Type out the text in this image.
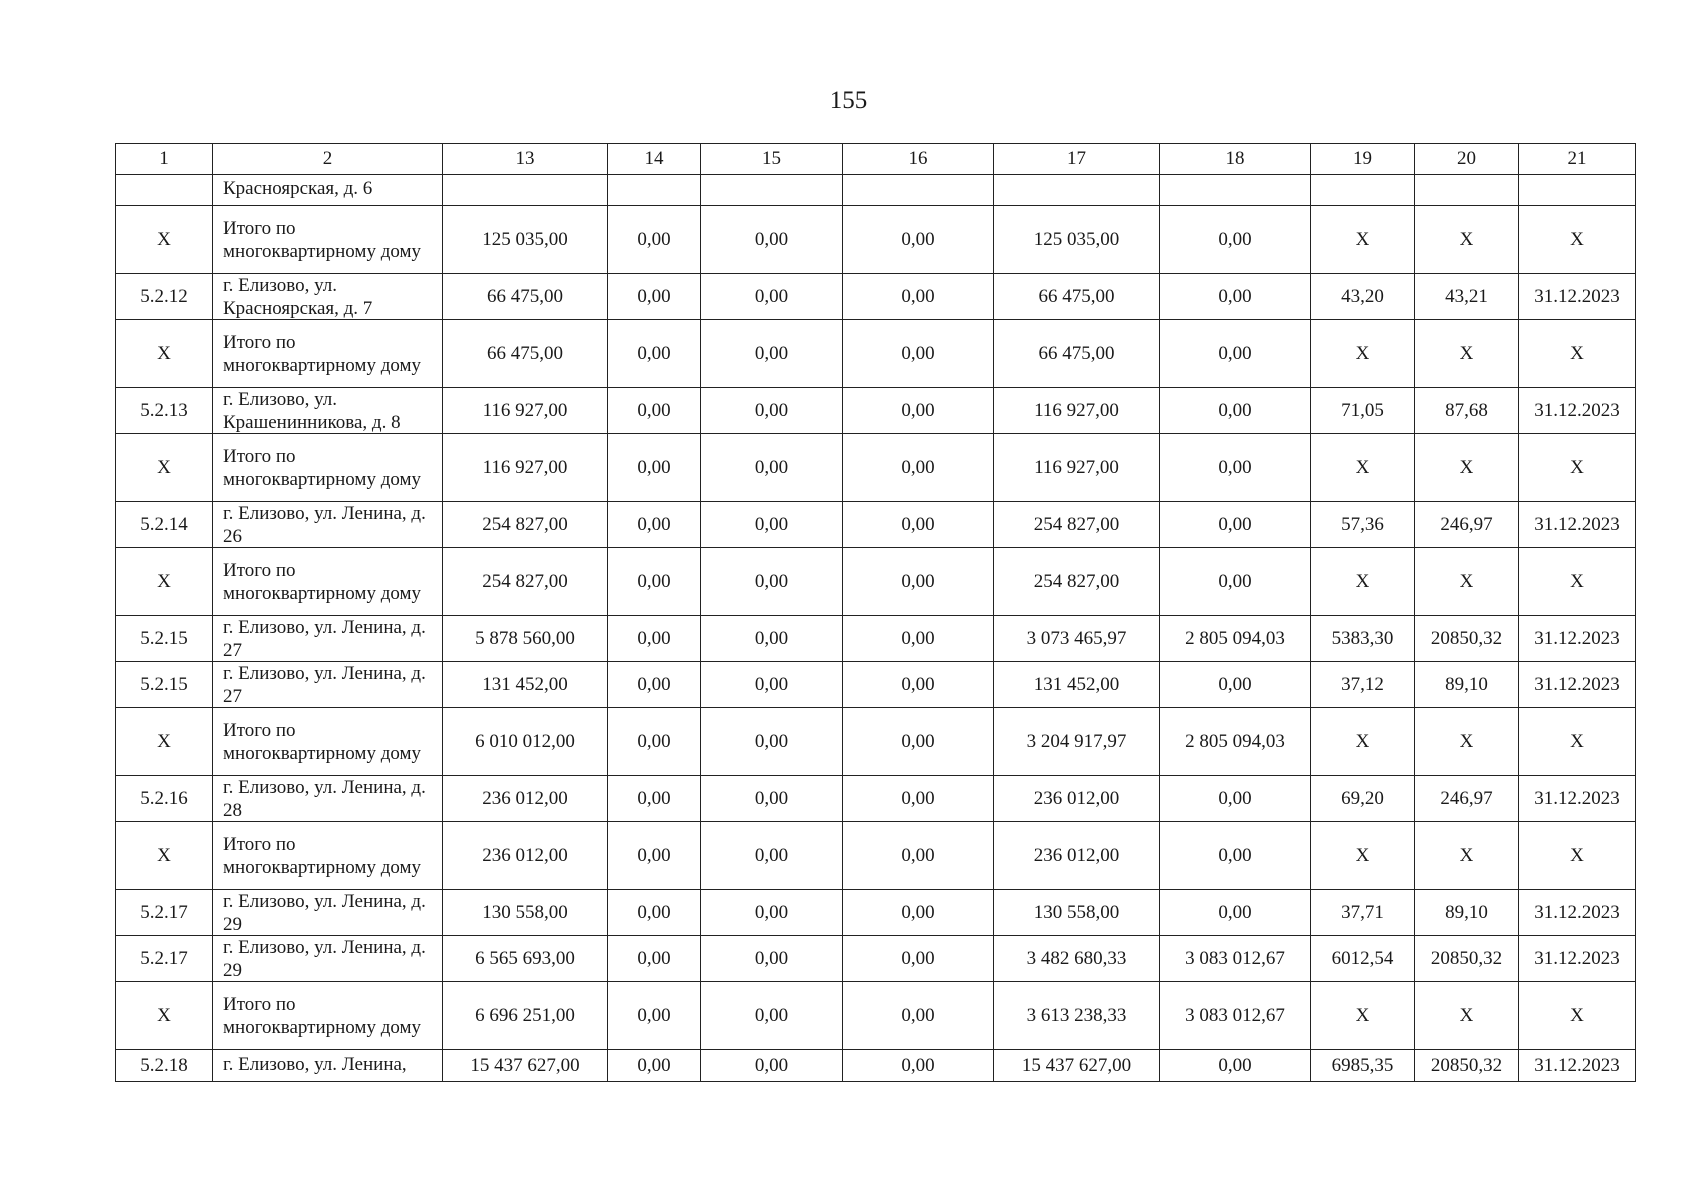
155
1	2	13	14	15	16	17	18	19	20	21

Красноярская, д. 6									

Х	Итого по многоквартирному дому	125 035,00	0,00	0,00	0,00	125 035,00	0,00	Х	Х	Х
5.2.12	г. Елизово, ул. Красноярская, д. 7	66 475,00	0,00	0,00	0,00	66 475,00	0,00	43,20	43,21	31.12.2023
Х	Итого по многоквартирному дому	66 475,00	0,00	0,00	0,00	66 475,00	0,00	Х	Х	Х
5.2.13	г. Елизово, ул. Крашенинникова, д. 8	116 927,00	0,00	0,00	0,00	116 927,00	0,00	71,05	87,68	31.12.2023
Х	Итого по многоквартирному дому	116 927,00	0,00	0,00	0,00	116 927,00	0,00	Х	Х	Х
5.2.14	г. Елизово, ул. Ленина, д. 26	254 827,00	0,00	0,00	0,00	254 827,00	0,00	57,36	246,97	31.12.2023
Х	Итого по многоквартирному дому	254 827,00	0,00	0,00	0,00	254 827,00	0,00	Х	Х	Х
5.2.15	г. Елизово, ул. Ленина, д. 27	5 878 560,00	0,00	0,00	0,00	3 073 465,97	2 805 094,03	5383,30	20850,32	31.12.2023
5.2.15	г. Елизово, ул. Ленина, д. 27	131 452,00	0,00	0,00	0,00	131 452,00	0,00	37,12	89,10	31.12.2023
Х	Итого по многоквартирному дому	6 010 012,00	0,00	0,00	0,00	3 204 917,97	2 805 094,03	Х	Х	Х
5.2.16	г. Елизово, ул. Ленина, д. 28	236 012,00	0,00	0,00	0,00	236 012,00	0,00	69,20	246,97	31.12.2023
Х	Итого по многоквартирному дому	236 012,00	0,00	0,00	0,00	236 012,00	0,00	Х	Х	Х
5.2.17	г. Елизово, ул. Ленина, д. 29	130 558,00	0,00	0,00	0,00	130 558,00	0,00	37,71	89,10	31.12.2023
5.2.17	г. Елизово, ул. Ленина, д. 29	6 565 693,00	0,00	0,00	0,00	3 482 680,33	3 083 012,67	6012,54	20850,32	31.12.2023
Х	Итого по многоквартирному дому	6 696 251,00	0,00	0,00	0,00	3 613 238,33	3 083 012,67	Х	Х	Х
5.2.18	г. Елизово, ул. Ленина,	15 437 627,00	0,00	0,00	0,00	15 437 627,00	0,00	6985,35	20850,32	31.12.2023
